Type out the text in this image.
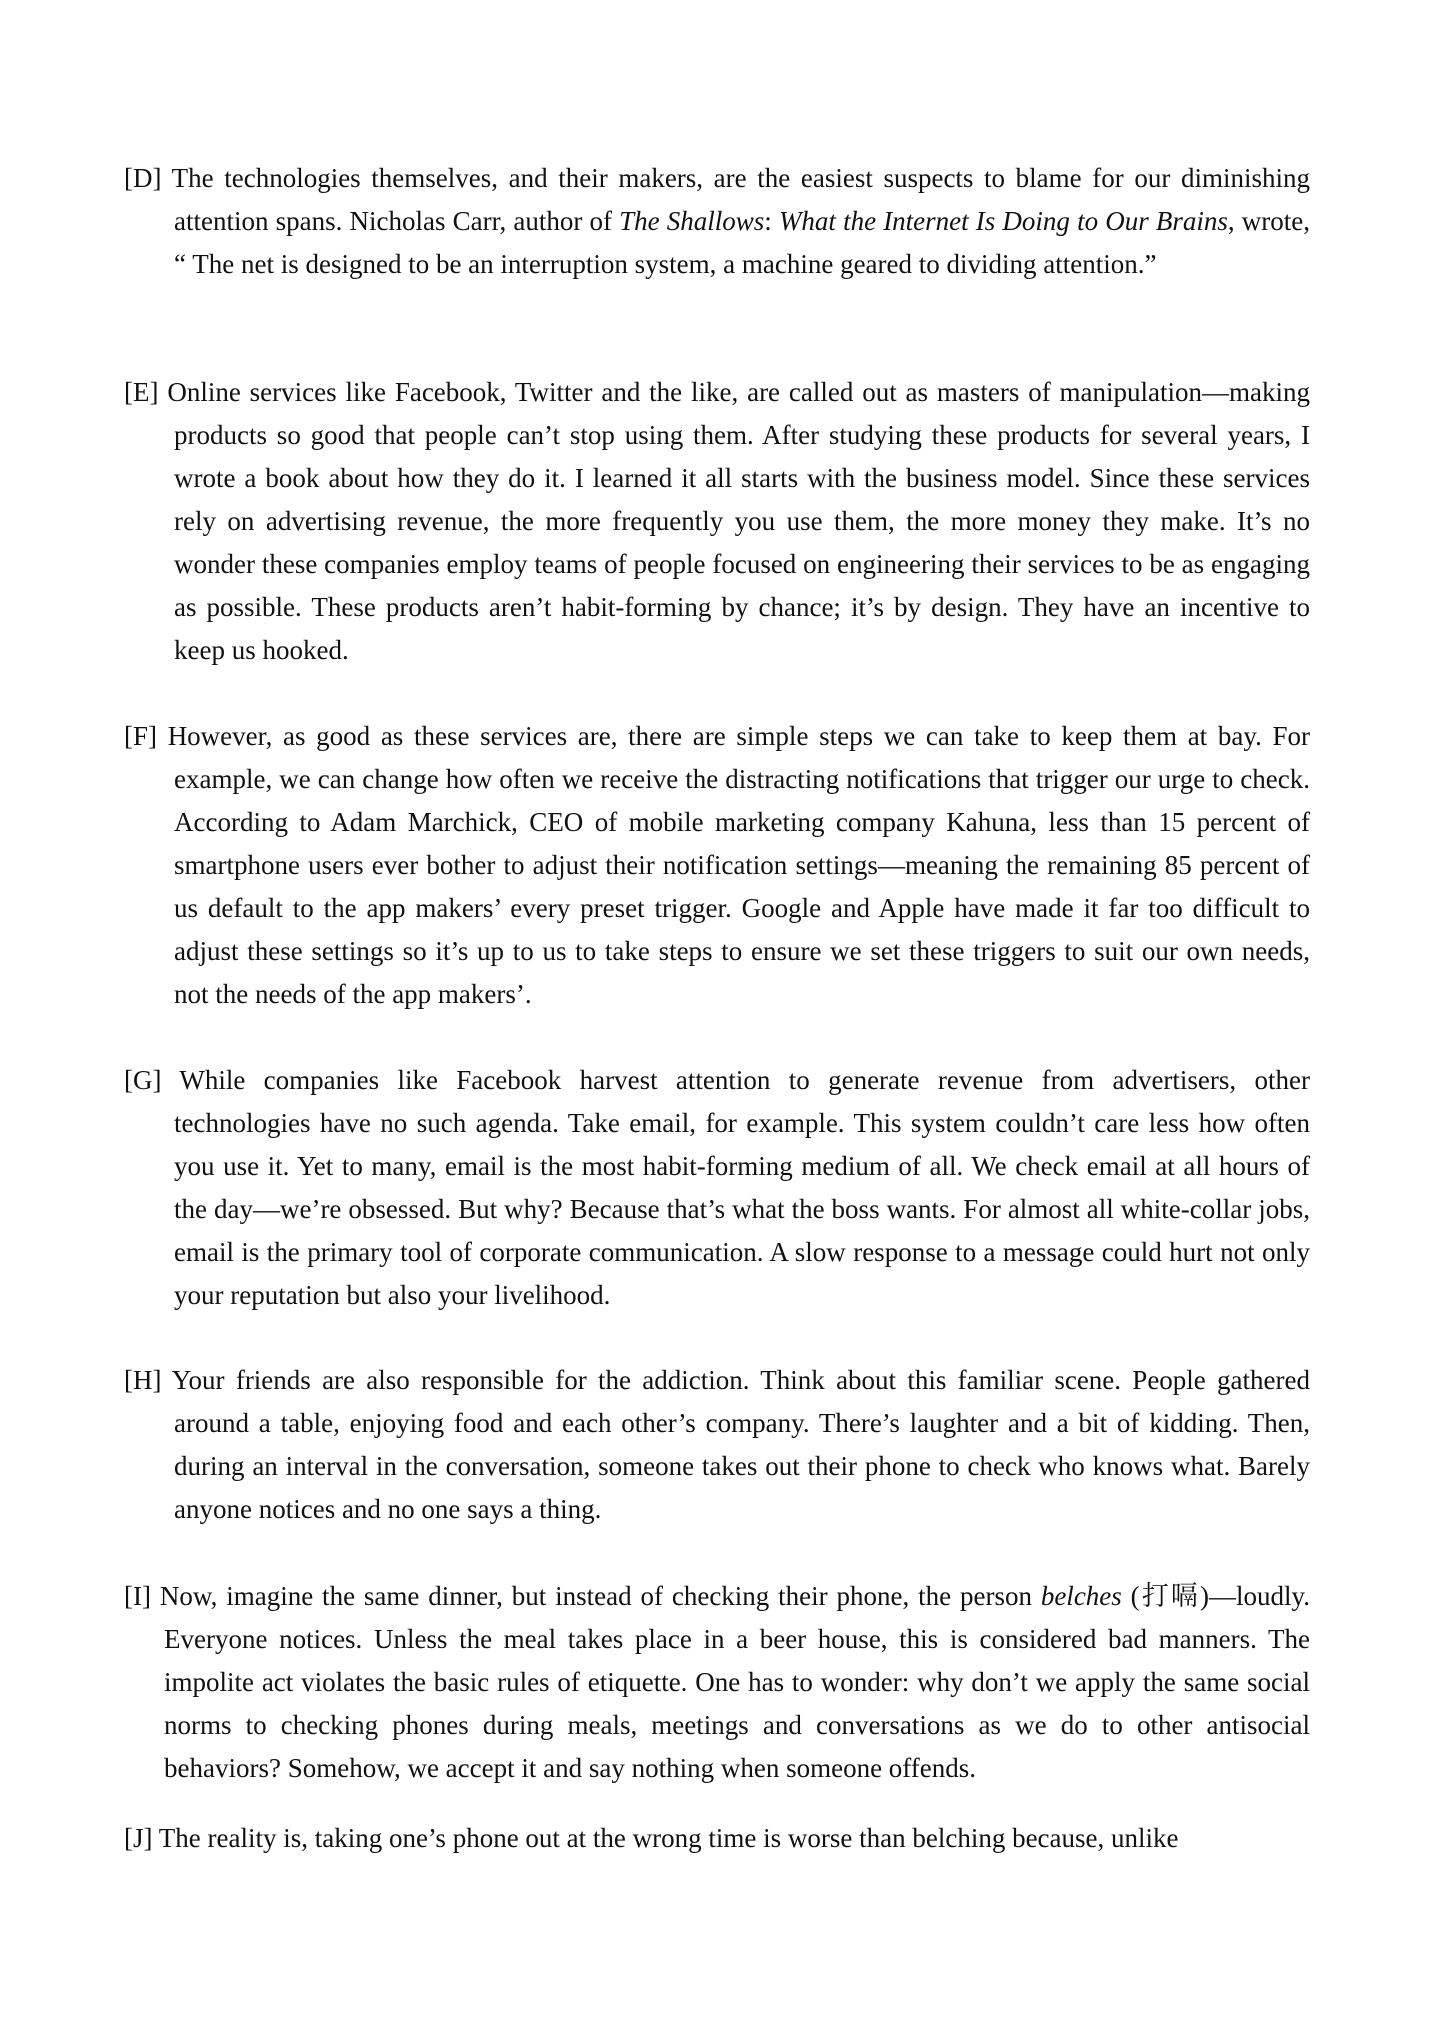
[D] The technologies themselves, and their makers, are the easiest suspects to blame for our diminishing attention spans. Nicholas Carr, author of The Shallows: What the Internet Is Doing to Our Brains, wrote, “ The net is designed to be an interruption system, a machine geared to dividing attention.”

[E] Online services like Facebook, Twitter and the like, are called out as masters of manipulation—making products so good that people can’t stop using them. After studying these products for several years, I wrote a book about how they do it. I learned it all starts with the business model. Since these services rely on advertising revenue, the more frequently you use them, the more money they make. It’s no wonder these companies employ teams of people focused on engineering their services to be as engaging as possible. These products aren’t habit-forming by chance; it’s by design. They have an incentive to keep us hooked.

[F] However, as good as these services are, there are simple steps we can take to keep them at bay. For example, we can change how often we receive the distracting notifications that trigger our urge to check. According to Adam Marchick, CEO of mobile marketing company Kahuna, less than 15 percent of smartphone users ever bother to adjust their notification settings—meaning the remaining 85 percent of us default to the app makers’ every preset trigger. Google and Apple have made it far too difficult to adjust these settings so it’s up to us to take steps to ensure we set these triggers to suit our own needs, not the needs of the app makers’.

[G] While companies like Facebook harvest attention to generate revenue from advertisers, other technologies have no such agenda. Take email, for example. This system couldn’t care less how often you use it. Yet to many, email is the most habit-forming medium of all. We check email at all hours of the day—we’re obsessed. But why? Because that’s what the boss wants. For almost all white-collar jobs, email is the primary tool of corporate communication. A slow response to a message could hurt not only your reputation but also your livelihood.

[H] Your friends are also responsible for the addiction. Think about this familiar scene. People gathered around a table, enjoying food and each other’s company. There’s laughter and a bit of kidding. Then, during an interval in the conversation, someone takes out their phone to check who knows what. Barely anyone notices and no one says a thing.

[I] Now, imagine the same dinner, but instead of checking their phone, the person belches (打嗝)—loudly. Everyone notices. Unless the meal takes place in a beer house, this is considered bad manners. The impolite act violates the basic rules of etiquette. One has to wonder: why don’t we apply the same social norms to checking phones during meals, meetings and conversations as we do to other antisocial behaviors? Somehow, we accept it and say nothing when someone offends.

[J] The reality is, taking one’s phone out at the wrong time is worse than belching because, unlike
